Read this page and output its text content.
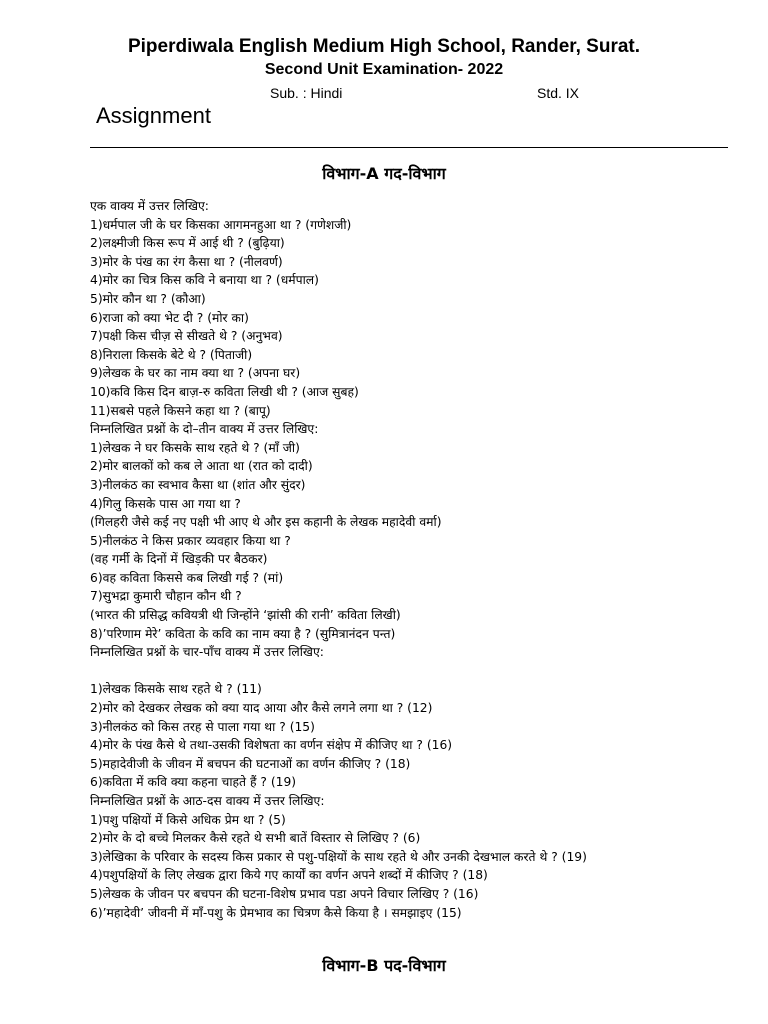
Piperdiwala English Medium High School, Rander, Surat.
Second Unit Examination- 2022
Sub. : Hindi	Std. IX
Assignment
विभाग-A गद-विभाग
एक वाक्य में उत्तर लिखिए:
1)धर्मपाल जी के घर किसका आगमनहुआ था ? (गणेशजी)
2)लक्ष्मीजी किस रूप में आई थी ? (बुढ़िया)
3)मोर के पंख का रंग कैसा था ? (नीलवर्ण)
4)मोर का चित्र किस कवि ने बनाया था ? (धर्मपाल)
5)मोर कौन था ? (कौआ)
6)राजा को क्या भेट दी ? (मोर का)
7)पक्षी किस चीज़ से सीखते थे ? (अनुभव)
8)निराला किसके बेटे थे ? (पिताजी)
9)लेखक के घर का नाम क्या था ? (अपना घर)
10)कवि किस दिन बाज़-रु कविता लिखी थी ? (आज सुबह)
11)सबसे पहले किसने कहा था ? (बापू)
निम्नलिखित प्रश्नों के दो–तीन वाक्य में उत्तर लिखिए:
1)लेखक ने घर किसके साथ रहते थे ? (माँ जी)
2)मोर बालकों को कब ले आता था (रात को दादी)
3)नीलकंठ का स्वभाव कैसा था (शांत और सुंदर)
4)गिलु किसके पास आ गया था ?
(गिलहरी जैसे कई नए पक्षी भी आए थे और इस कहानी के लेखक महादेवी वर्मा)
5)नीलकंठ ने किस प्रकार व्यवहार किया था ?
(वह गर्मी के दिनों में खिड़की पर बैठकर)
6)वह कविता किससे कब लिखी गई ? (मां)
7)सुभद्रा कुमारी चौहान कौन थी ?
(भारत की प्रसिद्ध कवियत्री थी जिन्होंने ‘झांसी की रानी’ कविता लिखी)
8)’परिणाम मेरे’ कविता के कवि का नाम क्या है ? (सुमित्रानंदन पन्त)
निम्नलिखित प्रश्नों के चार-पाँच वाक्य में उत्तर लिखिए:

1)लेखक किसके साथ रहते थे ? (11)
2)मोर को देखकर लेखक को क्या याद आया और कैसे लगने लगा था ? (12)
3)नीलकंठ को किस तरह से पाला गया था ? (15)
4)मोर के पंख कैसे थे तथा-उसकी विशेषता का वर्णन संक्षेप में कीजिए था ? (16)
5)महादेवीजी के जीवन में बचपन की घटनाओं का वर्णन कीजिए ? (18)
6)कविता में कवि क्या कहना चाहते हैं ? (19)
निम्नलिखित प्रश्नों के आठ-दस वाक्य में उत्तर लिखिए:
1)पशु पक्षियों में किसे अधिक प्रेम था ? (5)
2)मोर के दो बच्चे मिलकर कैसे रहते थे सभी बातें विस्तार से लिखिए ? (6)
3)लेखिका के परिवार के सदस्य किस प्रकार से पशु-पक्षियों के साथ रहते थे और उनकी देखभाल करते थे ? (19)
4)पशुपक्षियों के लिए लेखक द्वारा किये गए कार्यों का वर्णन अपने शब्दों में कीजिए ? (18)
5)लेखक के जीवन पर बचपन की घटना-विशेष प्रभाव पडा अपने विचार लिखिए ? (16)
6)’महादेवी’ जीवनी में माँ-पशु के प्रेमभाव का चित्रण कैसे किया है । समझाइए (15)
विभाग-B पद-विभाग
